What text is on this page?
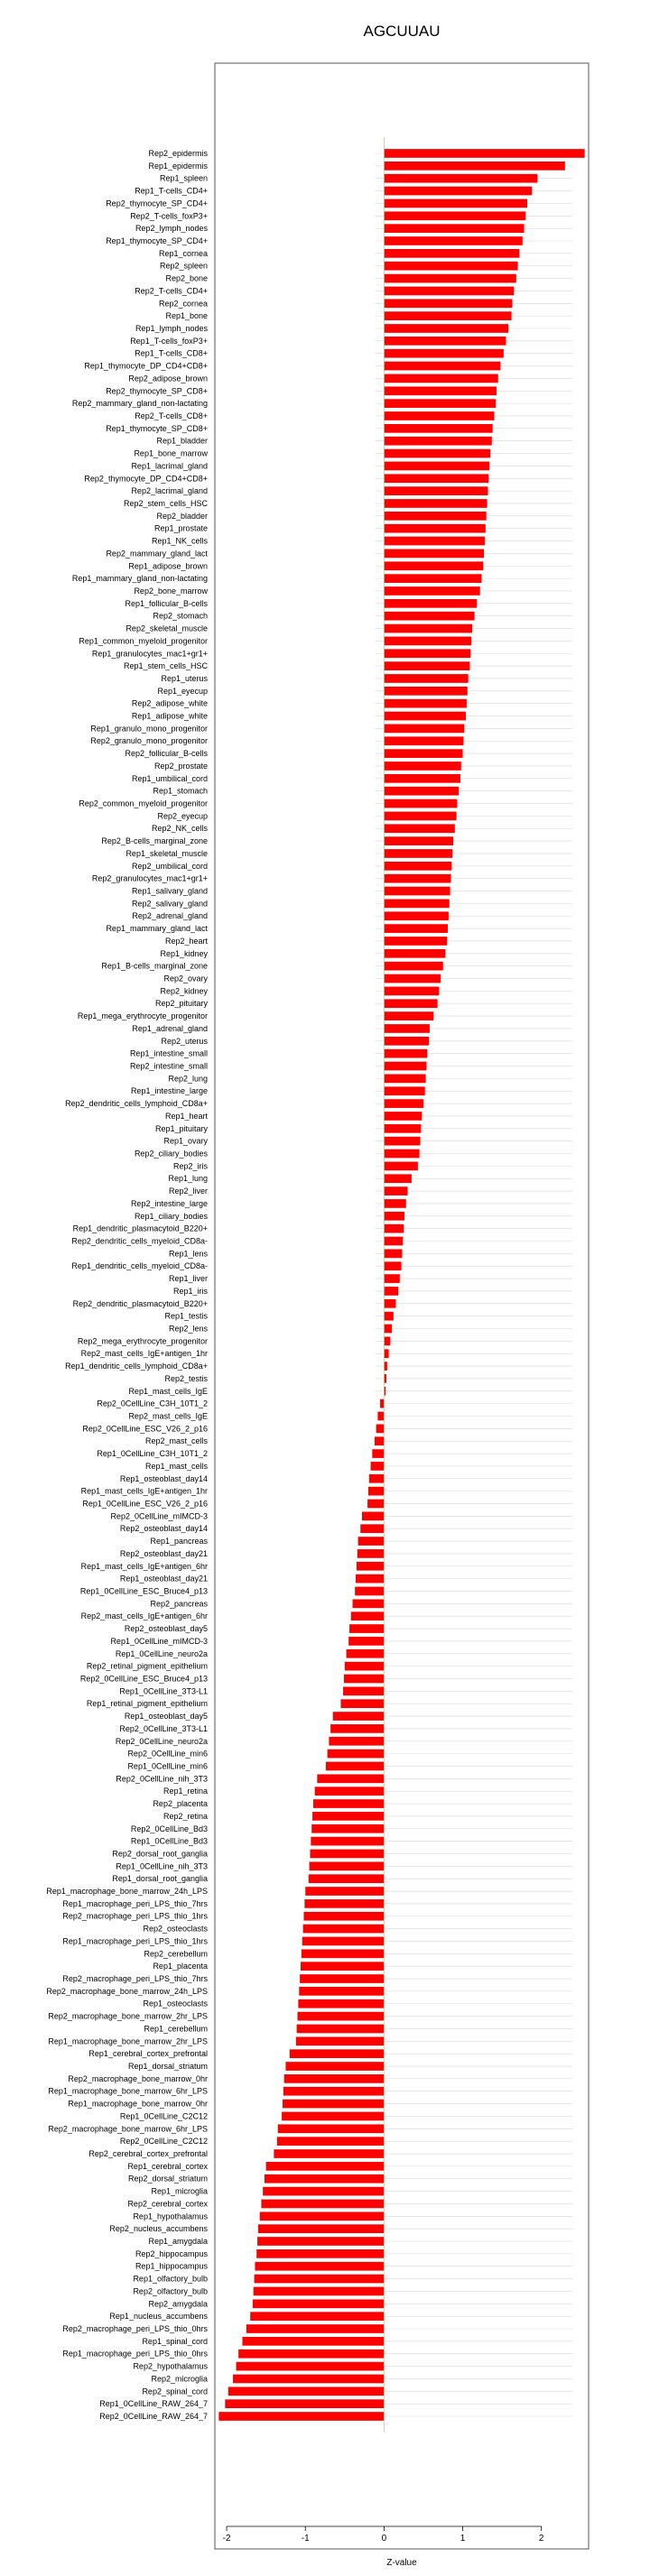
AGCUUAU
Rep2_epidermis
Rep1_epidermis
Rep1_spleen
Rep1_T-cells_CD4+
Rep2_thymocyte_SP_CD4+
Rep2_T-cells_foxP3+
Rep2_lymph_nodes
Rep1_thymocyte_SP_CD4+
Rep1_cornea
Rep2_spleen
Rep2_bone
Rep2_T-cells_CD4+
Rep2_cornea
Rep1_bone
Rep1_lymph_nodes
Rep1_T-cells_foxP3+
Rep1_T-cells_CD8+
Rep1_thymocyte_DP_CD4+CD8+
Rep2_adipose_brown
Rep2_thymocyte_SP_CD8+
Rep2_mammary_gland_non-lactating
Rep2_T-cells_CD8+
Rep1_thymocyte_SP_CD8+
Rep1_bladder
Rep1_bone_marrow
Rep1_lacrimal_gland
Rep2_thymocyte_DP_CD4+CD8+
Rep2_lacrimal_gland
Rep2_stem_cells_HSC
Rep2_bladder
Rep1_prostate
Rep1_NK_cells
Rep2_mammary_gland_lact
Rep1_adipose_brown
Rep1_mammary_gland_non-lactating
Rep2_bone_marrow
Rep1_follicular_B-cells
Rep2_stomach
Rep2_skeletal_muscle
Rep1_common_myeloid_progenitor
Rep1_granulocytes_mac1+gr1+
Rep1_stem_cells_HSC
Rep1_uterus
Rep1_eyecup
Rep2_adipose_white
Rep1_adipose_white
Rep1_granulo_mono_progenitor
Rep2_granulo_mono_progenitor
Rep2_follicular_B-cells
Rep2_prostate
Rep1_umbilical_cord
Rep1_stomach
Rep2_common_myeloid_progenitor
Rep2_eyecup
Rep2_NK_cells
Rep2_B-cells_marginal_zone
Rep1_skeletal_muscle
Rep2_umbilical_cord
Rep2_granulocytes_mac1+gr1+
Rep1_salivary_gland
Rep2_salivary_gland
Rep2_adrenal_gland
Rep1_mammary_gland_lact
Rep2_heart
Rep1_kidney
Rep1_B-cells_marginal_zone
Rep2_ovary
Rep2_kidney
Rep2_pituitary
Rep1_mega_erythrocyte_progenitor
Rep1_adrenal_gland
Rep2_uterus
Rep1_intestine_small
Rep2_intestine_small
Rep2_lung
Rep1_intestine_large
Rep2_dendritic_cells_lymphoid_CD8a+
Rep1_heart
Rep1_pituitary
Rep1_ovary
Rep2_ciliary_bodies
Rep2_iris
Rep1_lung
Rep2_liver
Rep2_intestine_large
Rep1_ciliary_bodies
Rep1_dendritic_plasmacytoid_B220+
Rep2_dendritic_cells_myeloid_CD8a-
Rep1_lens
Rep1_dendritic_cells_myeloid_CD8a-
Rep1_liver
Rep1_iris
Rep2_dendritic_plasmacytoid_B220+
Rep1_testis
Rep2_lens
Rep2_mega_erythrocyte_progenitor
Rep2_mast_cells_IgE+antigen_1hr
Rep1_dendritic_cells_lymphoid_CD8a+
Rep2_testis
Rep1_mast_cells_IgE
Rep2_0CellLine_C3H_10T1_2
Rep2_mast_cells_IgE
Rep2_0CellLine_ESC_V26_2_p16
Rep2_mast_cells
Rep1_0CellLine_C3H_10T1_2
Rep1_mast_cells
Rep1_osteoblast_day14
Rep1_mast_cells_IgE+antigen_1hr
Rep1_0CellLine_ESC_V26_2_p16
Rep2_0CellLine_mIMCD-3
Rep2_osteoblast_day14
Rep1_pancreas
Rep2_osteoblast_day21
Rep1_mast_cells_IgE+antigen_6hr
Rep1_osteoblast_day21
Rep1_0CellLine_ESC_Bruce4_p13
Rep2_pancreas
Rep2_mast_cells_IgE+antigen_6hr
Rep2_osteoblast_day5
Rep1_0CellLine_mIMCD-3
Rep1_0CellLine_neuro2a
Rep2_retinal_pigment_epithelium
Rep2_0CellLine_ESC_Bruce4_p13
Rep1_0CellLine_3T3-L1
Rep1_retinal_pigment_epithelium
Rep1_osteoblast_day5
Rep2_0CellLine_3T3-L1
Rep2_0CellLine_neuro2a
Rep2_0CellLine_min6
Rep1_0CellLine_min6
Rep2_0CellLine_nih_3T3
Rep1_retina
Rep2_placenta
Rep2_retina
Rep2_0CellLine_Bd3
Rep1_0CellLine_Bd3
Rep2_dorsal_root_ganglia
Rep1_0CellLine_nih_3T3
Rep1_dorsal_root_ganglia
Rep1_macrophage_bone_marrow_24h_LPS
Rep1_macrophage_peri_LPS_thio_7hrs
Rep2_macrophage_peri_LPS_thio_1hrs
Rep2_osteoclasts
Rep1_macrophage_peri_LPS_thio_1hrs
Rep2_cerebellum
Rep1_placenta
Rep2_macrophage_peri_LPS_thio_7hrs
Rep2_macrophage_bone_marrow_24h_LPS
Rep1_osteoclasts
Rep2_macrophage_bone_marrow_2hr_LPS
Rep1_cerebellum
Rep1_macrophage_bone_marrow_2hr_LPS
Rep1_cerebral_cortex_prefrontal
Rep1_dorsal_striatum
Rep2_macrophage_bone_marrow_0hr
Rep1_macrophage_bone_marrow_6hr_LPS
Rep1_macrophage_bone_marrow_0hr
Rep1_0CellLine_C2C12
Rep2_macrophage_bone_marrow_6hr_LPS
Rep2_0CellLine_C2C12
Rep2_cerebral_cortex_prefrontal
Rep1_cerebral_cortex
Rep2_dorsal_striatum
Rep1_microglia
Rep2_cerebral_cortex
Rep1_hypothalamus
Rep2_nucleus_accumbens
Rep1_amygdala
Rep2_hippocampus
Rep1_hippocampus
Rep1_olfactory_bulb
Rep2_olfactory_bulb
Rep2_amygdala
Rep1_nucleus_accumbens
Rep2_macrophage_peri_LPS_thio_0hrs
Rep1_spinal_cord
Rep1_macrophage_peri_LPS_thio_0hrs
Rep2_hypothalamus
Rep2_microglia
Rep2_spinal_cord
Rep1_0CellLine_RAW_264_7
Rep2_0CellLine_RAW_264_7
-2	-1	0	1	2
Z-value
